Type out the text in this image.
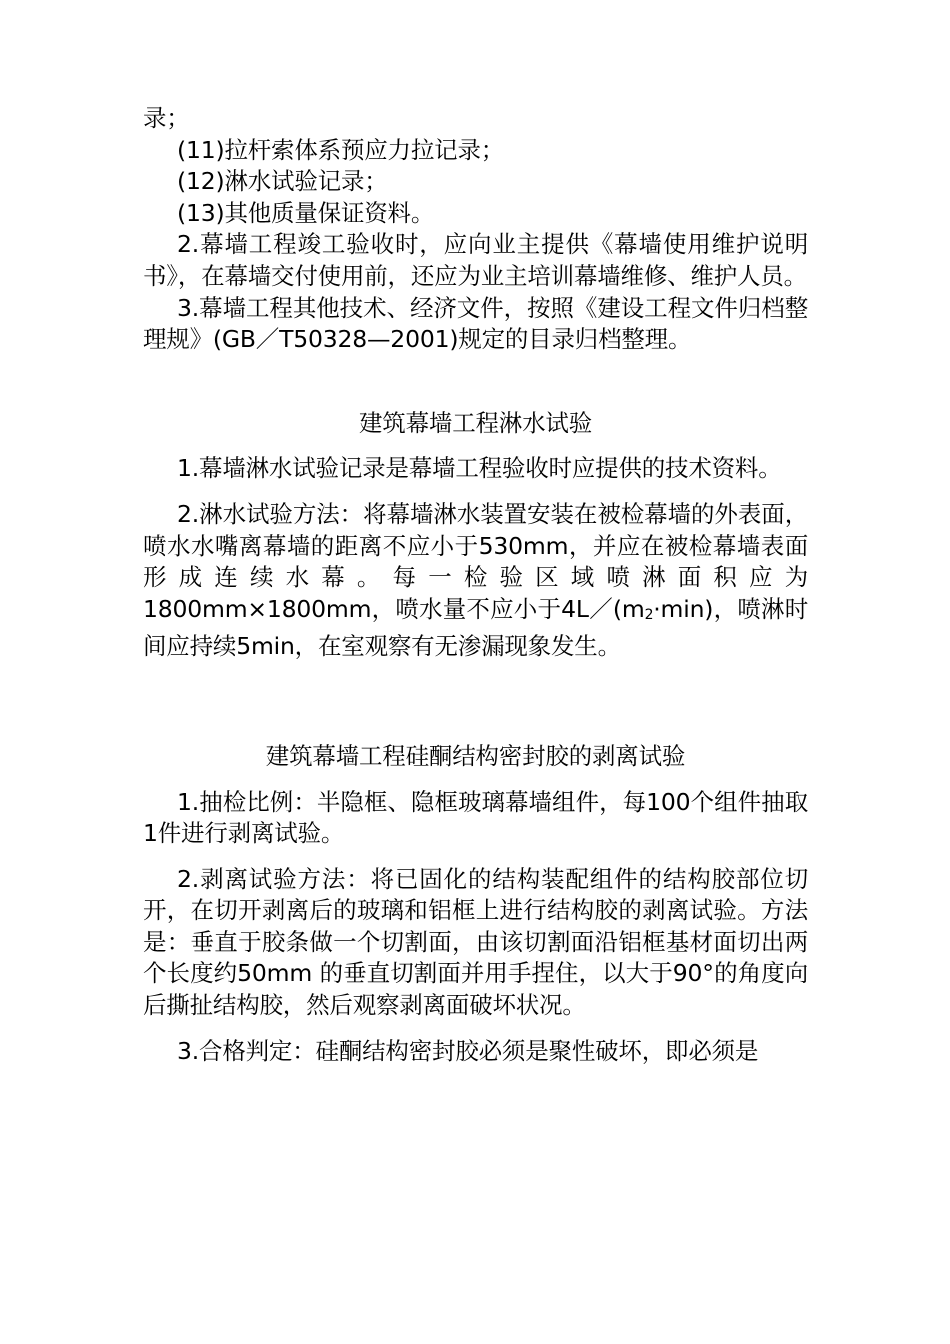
录；

(11)拉杆索体系预应力拉记录；

(12)淋水试验记录；

(13)其他质量保证资料。

2.幕墙工程竣工验收时，应向业主提供《幕墙使用维护说明书》，在幕墙交付使用前，还应为业主培训幕墙维修、维护人员。

3.幕墙工程其他技术、经济文件，按照《建设工程文件归档整理规》(GB／T50328—2001)规定的目录归档整理。

建筑幕墙工程淋水试验

1.幕墙淋水试验记录是幕墙工程验收时应提供的技术资料。

2.淋水试验方法：将幕墙淋水装置安装在被检幕墙的外表面，喷水水嘴离幕墙的距离不应小于530mm，并应在被检幕墙表面形成连续水幕。每一检验区域喷淋面积应为1800mm×1800mm，喷水量不应小于$4L/(m_2\cdot\min)$，喷淋时间应持续5min，在室观察有无渗漏现象发生。

建筑幕墙工程硅酮结构密封胶的剥离试验

1.抽检比例：半隐框、隐框玻璃幕墙组件，每100个组件抽取1件进行剥离试验。

2.剥离试验方法：将已固化的结构装配组件的结构胶部位切开，在切开剥离后的玻璃和铝框上进行结构胶的剥离试验。方法是：垂直于胶条做一个切割面，由该切割面沿铝框基材面切出两个长度约50mm 的垂直切割面并用手捏住，以大于90°的角度向后撕扯结构胶，然后观察剥离面破坏状况。

3.合格判定：硅酮结构密封胶必须是聚性破坏，即必须是
